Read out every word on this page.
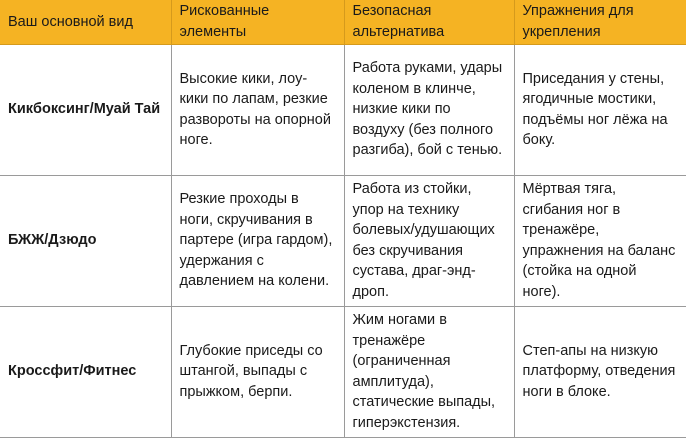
Ваш основной вид	Рискованные элементы	Безопасная альтернатива	Упражнения для укрепления
Кикбоксинг/Муай Тай	Высокие кики, лоу-кики по лапам, резкие развороты на опорной ноге.	Работа руками, удары коленом в клинче, низкие кики по воздуху (без полного разгиба), бой с тенью.	Приседания у стены, ягодичные мостики, подъёмы ног лёжа на боку.
БЖЖ/Дзюдо	Резкие проходы в ноги, скручивания в партере (игра гардом), удержания с давлением на колени.	Работа из стойки, упор на технику болевых/удушающих без скручивания сустава, драг-энд-дроп.	Мёртвая тяга, сгибания ног в тренажёре, упражнения на баланс (стойка на одной ноге).
Кроссфит/Фитнес	Глубокие приседы со штангой, выпады с прыжком, берпи.	Жим ногами в тренажёре (ограниченная амплитуда), статические выпады, гиперэкстензия.	Степ-апы на низкую платформу, отведения ноги в блоке.
